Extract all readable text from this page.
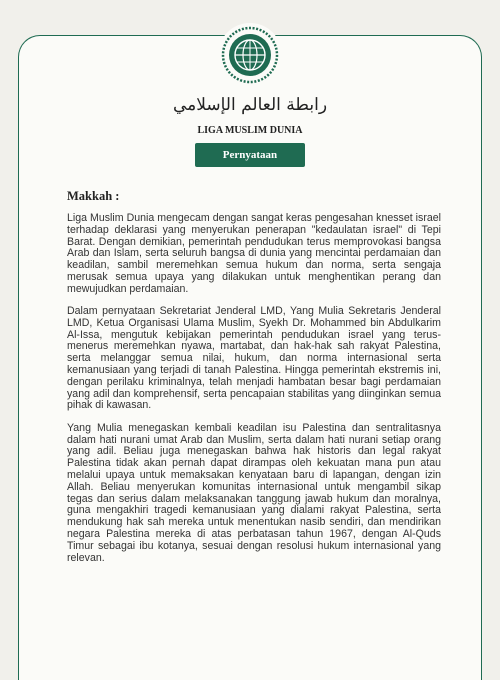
رابطة العالم الإسلامي
LIGA MUSLIM DUNIA
Pernyataan
Makkah :

Liga Muslim Dunia mengecam dengan sangat keras pengesahan knesset israel terhadap deklarasi yang menyerukan penerapan "kedaulatan israel" di Tepi Barat. Dengan demikian, pemerintah pendudukan terus memprovokasi bangsa Arab dan Islam, serta seluruh bangsa di dunia yang mencintai perdamaian dan keadilan, sambil meremehkan semua hukum dan norma, serta sengaja merusak semua upaya yang dilakukan untuk menghentikan perang dan mewujudkan perdamaian.

Dalam pernyataan Sekretariat Jenderal LMD, Yang Mulia Sekretaris Jenderal LMD, Ketua Organisasi Ulama Muslim, Syekh Dr. Mohammed bin Abdulkarim Al-Issa, mengutuk kebijakan pemerintah pendudukan israel yang terus-menerus meremehkan nyawa, martabat, dan hak-hak sah rakyat Palestina, serta melanggar semua nilai, hukum, dan norma internasional serta kemanusiaan yang terjadi di tanah Palestina. Hingga pemerintah ekstremis ini, dengan perilaku kriminalnya, telah menjadi hambatan besar bagi perdamaian yang adil dan komprehensif, serta pencapaian stabilitas yang diinginkan semua pihak di kawasan.

Yang Mulia menegaskan kembali keadilan isu Palestina dan sentralitasnya dalam hati nurani umat Arab dan Muslim, serta dalam hati nurani setiap orang yang adil. Beliau juga menegaskan bahwa hak historis dan legal rakyat Palestina tidak akan pernah dapat dirampas oleh kekuatan mana pun atau melalui upaya untuk memaksakan kenyataan baru di lapangan, dengan izin Allah. Beliau menyerukan komunitas internasional untuk mengambil sikap tegas dan serius dalam melaksanakan tanggung jawab hukum dan moralnya, guna mengakhiri tragedi kemanusiaan yang dialami rakyat Palestina, serta mendukung hak sah mereka untuk menentukan nasib sendiri, dan mendirikan negara Palestina mereka di atas perbatasan tahun 1967, dengan Al-Quds Timur sebagai ibu kotanya, sesuai dengan resolusi hukum internasional yang relevan.
